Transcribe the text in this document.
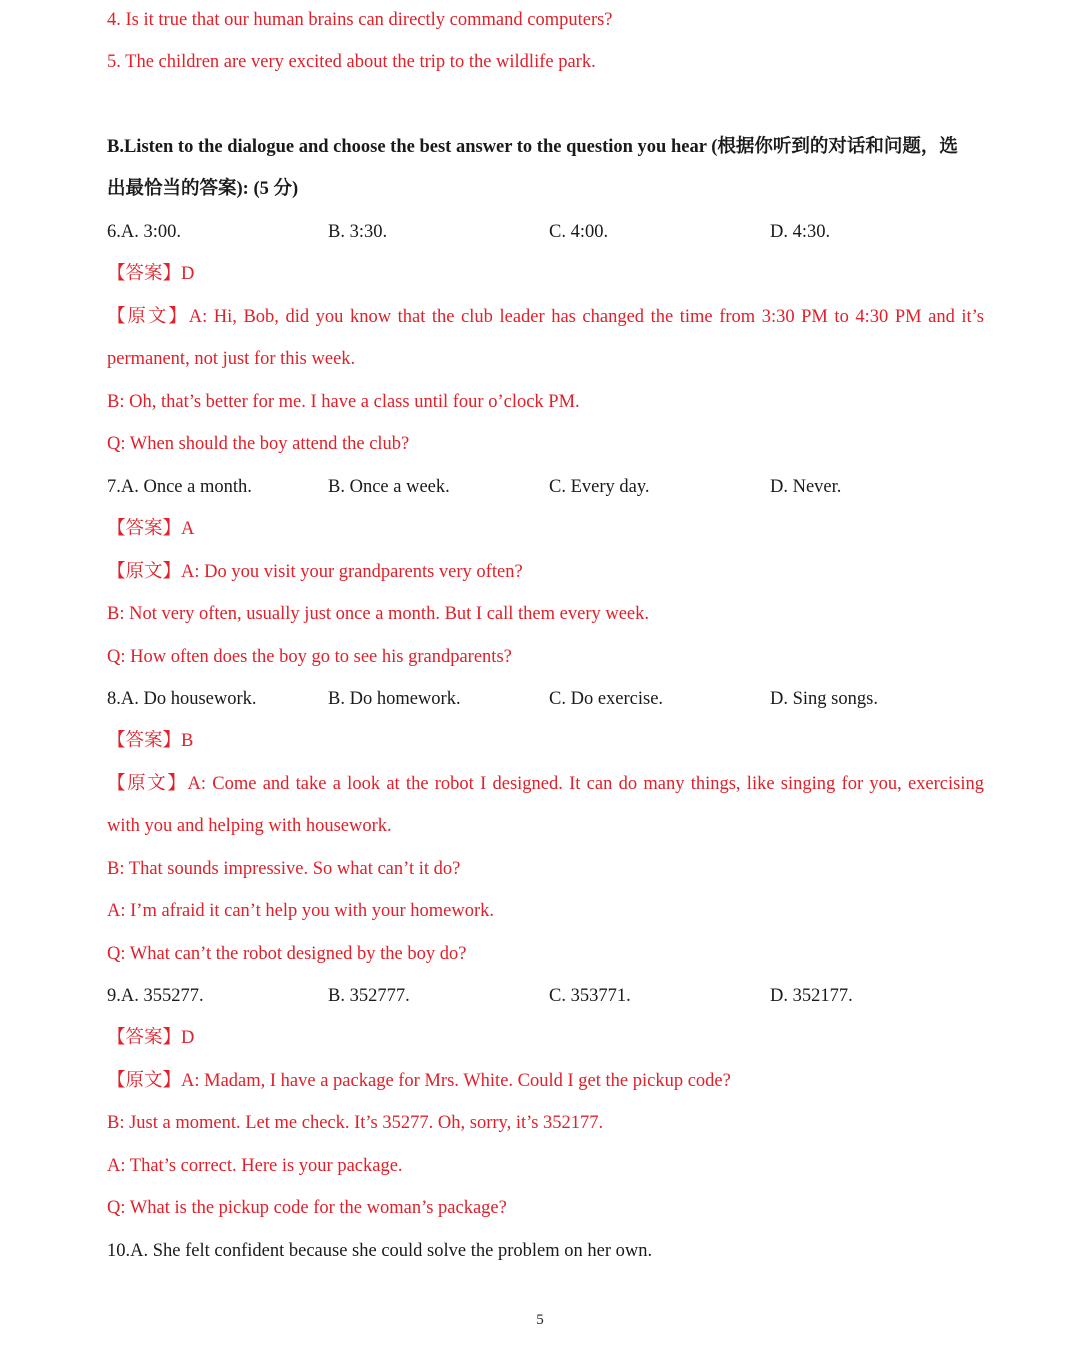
4. Is it true that our human brains can directly command computers?
5. The children are very excited about the trip to the wildlife park.
B.Listen to the dialogue and choose the best answer to the question you hear (根据你听到的对话和问题，选
出最恰当的答案): (5 分)
6.A. 3:00.	B. 3:30.	C. 4:00.	D. 4:30.
【答案】D
【原文】A: Hi, Bob, did you know that the club leader has changed the time from 3:30 PM to 4:30 PM and it’s
permanent, not just for this week.
B: Oh, that’s better for me. I have a class until four o’clock PM.
Q: When should the boy attend the club?
7.A. Once a month.	B. Once a week.	C. Every day.	D. Never.
【答案】A
【原文】A: Do you visit your grandparents very often?
B: Not very often, usually just once a month. But I call them every week.
Q: How often does the boy go to see his grandparents?
8.A. Do housework.	B. Do homework.	C. Do exercise.	D. Sing songs.
【答案】B
【原文】A: Come and take a look at the robot I designed. It can do many things, like singing for you, exercising
with you and helping with housework.
B: That sounds impressive. So what can’t it do?
A: I’m afraid it can’t help you with your homework.
Q: What can’t the robot designed by the boy do?
9.A. 355277.	B. 352777.	C. 353771.	D. 352177.
【答案】D
【原文】A: Madam, I have a package for Mrs. White. Could I get the pickup code?
B: Just a moment. Let me check. It’s 35277. Oh, sorry, it’s 352177.
A: That’s correct. Here is your package.
Q: What is the pickup code for the woman’s package?
10.A. She felt confident because she could solve the problem on her own.
5
